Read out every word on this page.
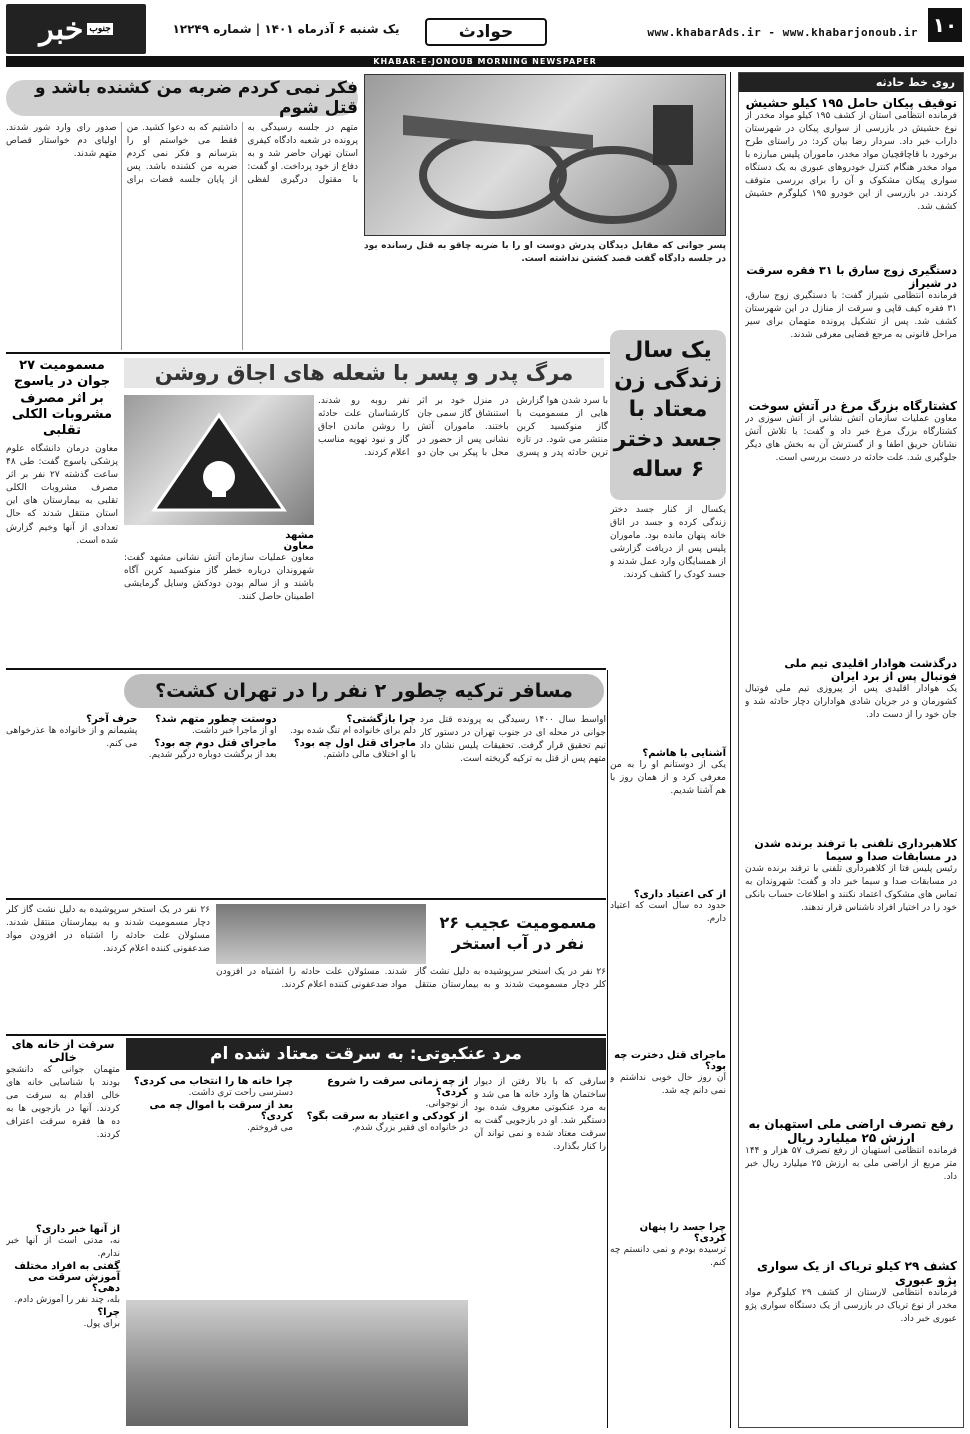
۱۰
www.khabarAds.ir - www.khabarjonoub.ir
حوادث
یک شنبه ۶ آذرماه ۱۴۰۱ | شماره ۱۲۲۴۹
جنوب
خبر
KHABAR-E-JONOUB MORNING NEWSPAPER
روی خط حادثه
توقیف پیکان حامل ۱۹۵ کیلو حشیش
فرمانده انتظامی استان از کشف ۱۹۵ کیلو مواد مخدر از نوع حشیش در بازرسی از سواری پیکان در شهرستان داراب خبر داد. سردار رضا بیان کرد: در راستای طرح برخورد با قاچاقچیان مواد مخدر، ماموران پلیس مبارزه با مواد مخدر هنگام کنترل خودروهای عبوری به یک دستگاه سواری پیکان مشکوک و آن را برای بررسی متوقف کردند. در بازرسی از این خودرو ۱۹۵ کیلوگرم حشیش کشف شد.
دستگیری زوج سارق با ۳۱ فقره سرقت در شیراز
فرمانده انتظامی شیراز گفت: با دستگیری زوج سارق، ۳۱ فقره کیف قاپی و سرقت از منازل در این شهرستان کشف شد. پس از تشکیل پرونده متهمان برای سیر مراحل قانونی به مرجع قضایی معرفی شدند.
کشتارگاه بزرگ مرغ در آتش سوخت
معاون عملیات سازمان آتش نشانی از آتش سوزی در کشتارگاه بزرگ مرغ خبر داد و گفت: با تلاش آتش نشانان حریق اطفا و از گسترش آن به بخش های دیگر جلوگیری شد. علت حادثه در دست بررسی است.
درگذشت هوادار اقلیدی تیم ملی فوتبال پس از برد ایران
یک هوادار اقلیدی پس از پیروزی تیم ملی فوتبال کشورمان و در جریان شادی هواداران دچار حادثه شد و جان خود را از دست داد.
کلاهبرداری تلفنی با ترفند برنده شدن در مسابقات صدا و سیما
رئیس پلیس فتا از کلاهبرداری تلفنی با ترفند برنده شدن در مسابقات صدا و سیما خبر داد و گفت: شهروندان به تماس های مشکوک اعتماد نکنند و اطلاعات حساب بانکی خود را در اختیار افراد ناشناس قرار ندهند.
رفع تصرف اراضی ملی استهبان به ارزش ۲۵ میلیارد ریال
فرمانده انتظامی استهبان از رفع تصرف ۵۷ هزار و ۱۴۴ متر مربع از اراضی ملی به ارزش ۲۵ میلیارد ریال خبر داد.
کشف ۲۹ کیلو تریاک از یک سواری پژو عبوری
فرمانده انتظامی لارستان از کشف ۲۹ کیلوگرم مواد مخدر از نوع تریاک در بازرسی از یک دستگاه سواری پژو عبوری خبر داد.
فکر نمی کردم ضربه من کشنده باشد و قتل شوم
پسر جوانی که مقابل دیدگان پدرش دوست او را با ضربه چاقو به قتل رسانده بود در جلسه دادگاه گفت قصد کشتن نداشته است.
متهم در جلسه رسیدگی به پرونده در شعبه دادگاه کیفری استان تهران حاضر شد و به دفاع از خود پرداخت. او گفت: با مقتول درگیری لفظی داشتیم که به دعوا کشید. من فقط می خواستم او را بترسانم و فکر نمی کردم ضربه من کشنده باشد. پس از پایان جلسه قضات برای صدور رای وارد شور شدند. اولیای دم خواستار قصاص متهم شدند.
مرگ پدر و پسر با شعله های اجاق روشن
با سرد شدن هوا گزارش هایی از مسمومیت با گاز منوکسید کربن منتشر می شود. در تازه ترین حادثه پدر و پسری در منزل خود بر اثر استنشاق گاز سمی جان باختند. ماموران آتش نشانی پس از حضور در محل با پیکر بی جان دو نفر روبه رو شدند. کارشناسان علت حادثه را روشن ماندن اجاق گاز و نبود تهویه مناسب اعلام کردند.
مشهد
معاون
معاون عملیات سازمان آتش نشانی مشهد گفت: شهروندان درباره خطر گاز منوکسید کربن آگاه باشند و از سالم بودن دودکش وسایل گرمایشی اطمینان حاصل کنند.
مسمومیت ۲۷ جوان در یاسوج بر اثر مصرف مشروبات الکلی تقلبی
معاون درمان دانشگاه علوم پزشکی یاسوج گفت: طی ۴۸ ساعت گذشته ۲۷ نفر بر اثر مصرف مشروبات الکلی تقلبی به بیمارستان های این استان منتقل شدند که حال تعدادی از آنها وخیم گزارش شده است.
یک سال زندگی زن معتاد با جسد دختر ۶ ساله
یکسال از کنار جسد دختر زندگی کرده و جسد در اتاق خانه پنهان مانده بود. ماموران پلیس پس از دریافت گزارشی از همسایگان وارد عمل شدند و جسد کودک را کشف کردند.
آشنایی با هاشم؟
یکی از دوستانم او را به من معرفی کرد و از همان روز با هم آشنا شدیم.
از کی اعتیاد داری؟
حدود ده سال است که اعتیاد دارم.
ماجرای قتل دخترت چه بود؟
آن روز حال خوبی نداشتم و نمی دانم چه شد.
چرا جسد را پنهان کردی؟
ترسیده بودم و نمی دانستم چه کنم.
مسافر ترکیه چطور ۲ نفر را در تهران کشت؟
اواسط سال ۱۴۰۰ رسیدگی به پرونده قتل مرد جوانی در محله ای در جنوب تهران در دستور کار تیم تحقیق قرار گرفت. تحقیقات پلیس نشان داد متهم پس از قتل به ترکیه گریخته است.
چرا بازگشتی؟
دلم برای خانواده ام تنگ شده بود.
ماجرای قتل اول چه بود؟
با او اختلاف مالی داشتم.
دوستت چطور متهم شد؟
او از ماجرا خبر داشت.
ماجرای قتل دوم چه بود؟
بعد از برگشت دوباره درگیر شدیم.
حرف آخر؟
پشیمانم و از خانواده ها عذرخواهی می کنم.
مسمومیت عجیب ۲۶ نفر در آب استخر
۲۶ نفر در یک استخر سرپوشیده به دلیل نشت گاز کلر دچار مسمومیت شدند و به بیمارستان منتقل شدند. مسئولان علت حادثه را اشتباه در افزودن مواد ضدعفونی کننده اعلام کردند.
۲۶ نفر در یک استخر سرپوشیده به دلیل نشت گاز کلر دچار مسمومیت شدند و به بیمارستان منتقل شدند. مسئولان علت حادثه را اشتباه در افزودن مواد ضدعفونی کننده اعلام کردند.
مرد عنکبوتی: به سرقت معتاد شده ام
سارقی که با بالا رفتن از دیوار ساختمان ها وارد خانه ها می شد و به مرد عنکبوتی معروف شده بود دستگیر شد. او در بازجویی گفت به سرقت معتاد شده و نمی تواند آن را کنار بگذارد.
از چه زمانی سرقت را شروع کردی؟
از نوجوانی.
از کودکی و اعتیاد به سرقت بگو؟
در خانواده ای فقیر بزرگ شدم.
چرا خانه ها را انتخاب می کردی؟
دسترسی راحت تری داشت.
بعد از سرقت با اموال چه می کردی؟
می فروختم.
سرقت از خانه های خالی
متهمان جوانی که دانشجو بودند با شناسایی خانه های خالی اقدام به سرقت می کردند. آنها در بازجویی ها به ده ها فقره سرقت اعتراف کردند.
از آنها خبر داری؟
نه، مدتی است از آنها خبر ندارم.
گفتی به افراد مختلف آموزش سرقت می دهی؟
بله، چند نفر را آموزش دادم.
چرا؟
برای پول.
